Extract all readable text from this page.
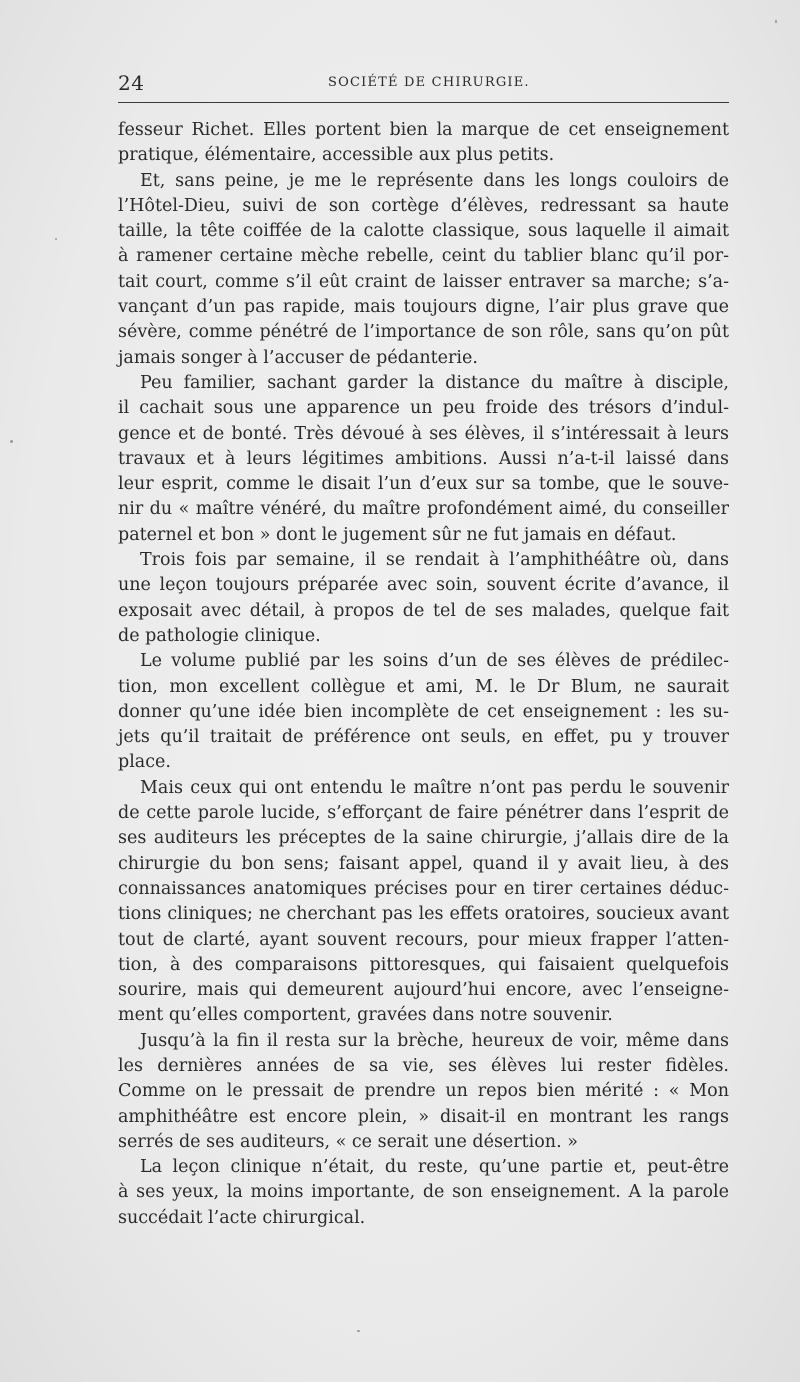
24	SOCIÉTÉ DE CHIRURGIE.
fesseur Richet. Elles portent bien la marque de cet enseignement
pratique, élémentaire, accessible aux plus petits.
Et, sans peine, je me le représente dans les longs couloirs de
l’Hôtel-Dieu, suivi de son cortège d’élèves, redressant sa haute
taille, la tête coiffée de la calotte classique, sous laquelle il aimait
à ramener certaine mèche rebelle, ceint du tablier blanc qu’il por-
tait court, comme s’il eût craint de laisser entraver sa marche; s’a-
vançant d’un pas rapide, mais toujours digne, l’air plus grave que
sévère, comme pénétré de l’importance de son rôle, sans qu’on pût
jamais songer à l’accuser de pédanterie.
Peu familier, sachant garder la distance du maître à disciple,
il cachait sous une apparence un peu froide des trésors d’indul-
gence et de bonté. Très dévoué à ses élèves, il s’intéressait à leurs
travaux et à leurs légitimes ambitions. Aussi n’a-t-il laissé dans
leur esprit, comme le disait l’un d’eux sur sa tombe, que le souve-
nir du « maître vénéré, du maître profondément aimé, du conseiller
paternel et bon » dont le jugement sûr ne fut jamais en défaut.
Trois fois par semaine, il se rendait à l’amphithéâtre où, dans
une leçon toujours préparée avec soin, souvent écrite d’avance, il
exposait avec détail, à propos de tel de ses malades, quelque fait
de pathologie clinique.
Le volume publié par les soins d’un de ses élèves de prédilec-
tion, mon excellent collègue et ami, M. le Dr Blum, ne saurait
donner qu’une idée bien incomplète de cet enseignement : les su-
jets qu’il traitait de préférence ont seuls, en effet, pu y trouver
place.
Mais ceux qui ont entendu le maître n’ont pas perdu le souvenir
de cette parole lucide, s’efforçant de faire pénétrer dans l’esprit de
ses auditeurs les préceptes de la saine chirurgie, j’allais dire de la
chirurgie du bon sens; faisant appel, quand il y avait lieu, à des
connaissances anatomiques précises pour en tirer certaines déduc-
tions cliniques; ne cherchant pas les effets oratoires, soucieux avant
tout de clarté, ayant souvent recours, pour mieux frapper l’atten-
tion, à des comparaisons pittoresques, qui faisaient quelquefois
sourire, mais qui demeurent aujourd’hui encore, avec l’enseigne-
ment qu’elles comportent, gravées dans notre souvenir.
Jusqu’à la fin il resta sur la brèche, heureux de voir, même dans
les dernières années de sa vie, ses élèves lui rester fidèles.
Comme on le pressait de prendre un repos bien mérité : « Mon
amphithéâtre est encore plein, » disait-il en montrant les rangs
serrés de ses auditeurs, « ce serait une désertion. »
La leçon clinique n’était, du reste, qu’une partie et, peut-être
à ses yeux, la moins importante, de son enseignement. A la parole
succédait l’acte chirurgical.
